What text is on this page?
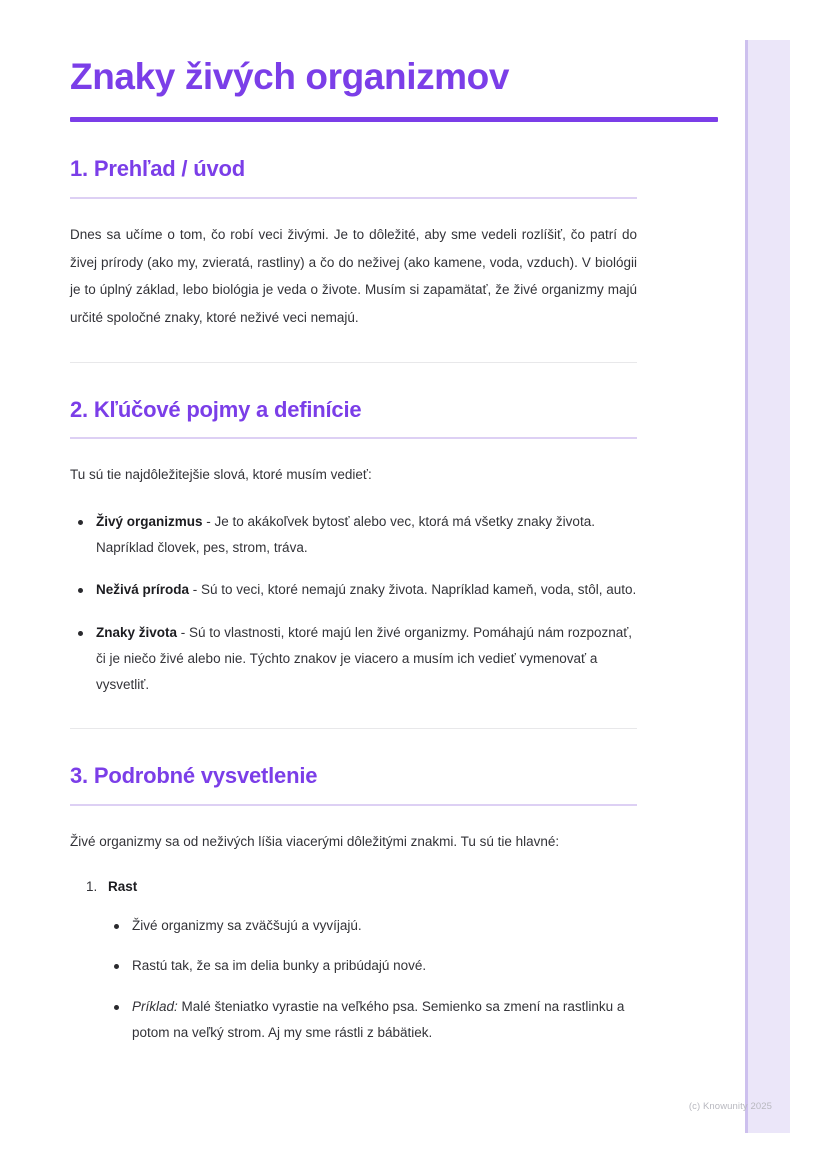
Znaky živých organizmov
1. Prehľad / úvod

Dnes sa učíme o tom, čo robí veci živými. Je to dôležité, aby sme vedeli rozlíšiť, čo patrí do živej prírody (ako my, zvieratá, rastliny) a čo do neživej (ako kamene, voda, vzduch). V biológii je to úplný základ, lebo biológia je veda o živote. Musím si zapamätať, že živé organizmy majú určité spoločné znaky, ktoré neživé veci nemajú.

2. Kľúčové pojmy a definície

Tu sú tie najdôležitejšie slová, ktoré musím vedieť:

Živý organizmus - Je to akákoľvek bytosť alebo vec, ktorá má všetky znaky života. Napríklad človek, pes, strom, tráva.
Neživá príroda - Sú to veci, ktoré nemajú znaky života. Napríklad kameň, voda, stôl, auto.
Znaky života - Sú to vlastnosti, ktoré majú len živé organizmy. Pomáhajú nám rozpoznať, či je niečo živé alebo nie. Týchto znakov je viacero a musím ich vedieť vymenovať a vysvetliť.
3. Podrobné vysvetlenie

Živé organizmy sa od neživých líšia viacerými dôležitými znakmi. Tu sú tie hlavné:

Rast
Živé organizmy sa zväčšujú a vyvíjajú.
Rastú tak, že sa im delia bunky a pribúdajú nové.
Príklad: Malé šteniatko vyrastie na veľkého psa. Semienko sa zmení na rastlinku a potom na veľký strom. Aj my sme rástli z bábätiek.
(c) Knowunity 2025
